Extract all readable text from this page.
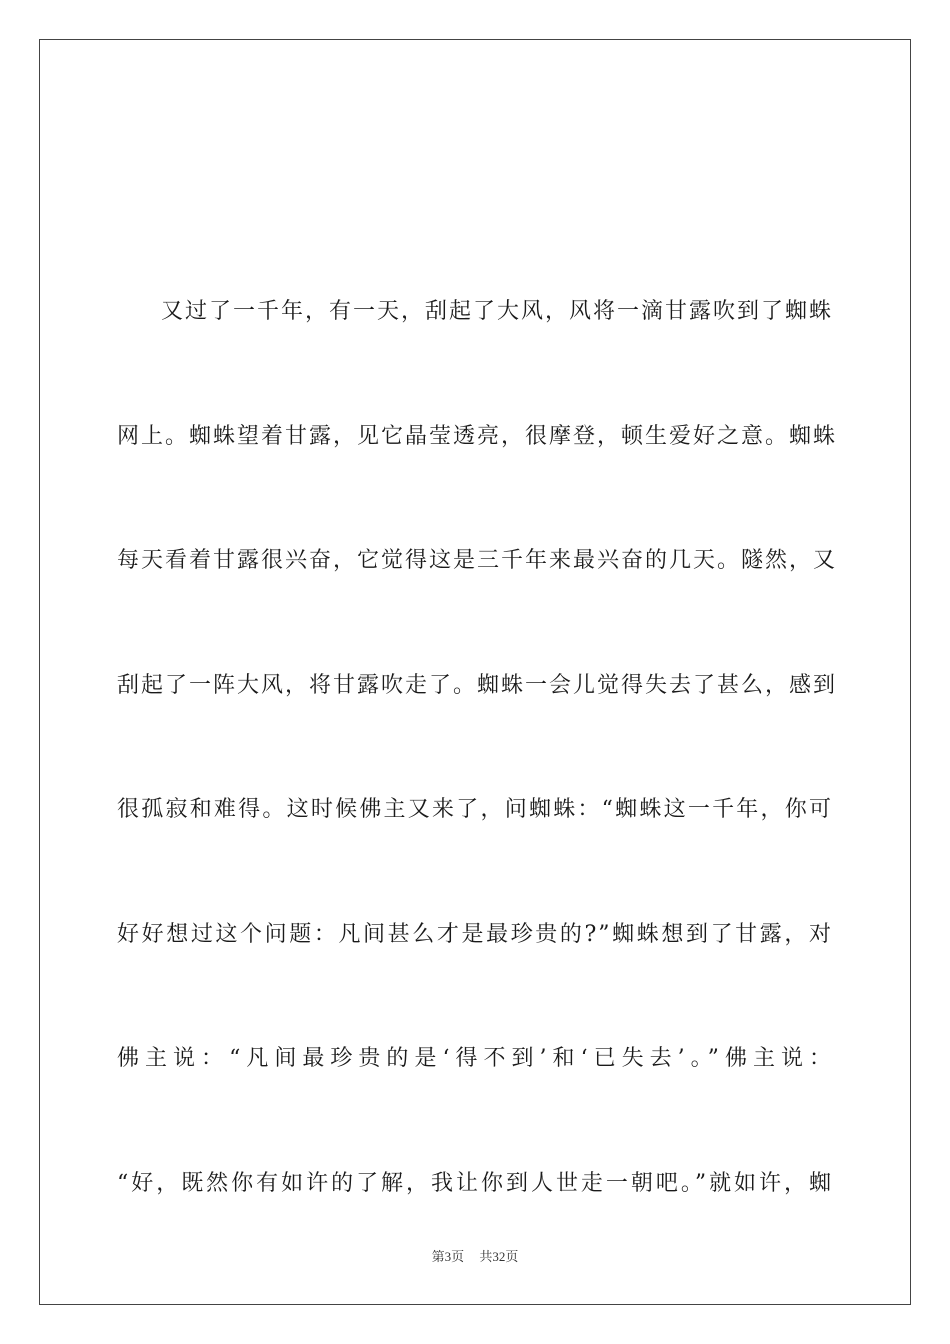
又过了一千年，有一天，刮起了大风，风将一滴甘露吹到了蜘蛛
网上。蜘蛛望着甘露，见它晶莹透亮，很摩登，顿生爱好之意。蜘蛛
每天看着甘露很兴奋，它觉得这是三千年来最兴奋的几天。隧然，又
刮起了一阵大风，将甘露吹走了。蜘蛛一会儿觉得失去了甚么，感到
很孤寂和难得。这时候佛主又来了，问蜘蛛：“蜘蛛这一千年，你可
好好想过这个问题：凡间甚么才是最珍贵的?”蜘蛛想到了甘露，对
佛主说：“凡间最珍贵的是‘得不到’和‘已失去’。”佛主说：
“好，既然你有如许的了解，我让你到人世走一朝吧。”就如许，蜘
第3页 共32页
